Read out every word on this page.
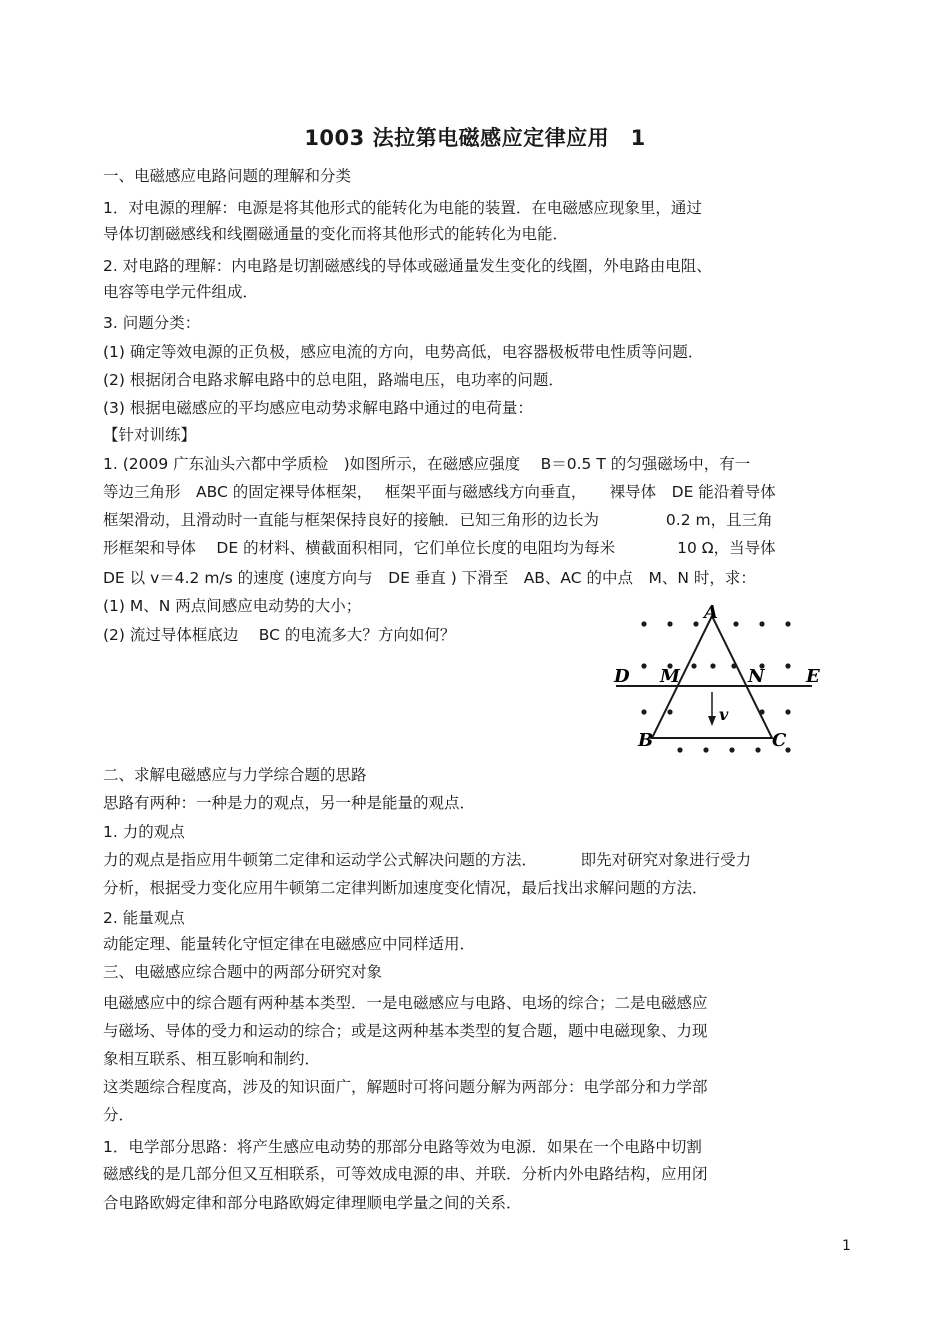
1003 法拉第电磁感应定律应用　1
一、电磁感应电路问题的理解和分类
1．对电源的理解：电源是将其他形式的能转化为电能的装置．在电磁感应现象里，通过
导体切割磁感线和线圈磁通量的变化而将其他形式的能转化为电能．
2. 对电路的理解：内电路是切割磁感线的导体或磁通量发生变化的线圈，外电路由电阻、
电容等电学元件组成．
3. 问题分类：
(1) 确定等效电源的正负极，感应电流的方向，电势高低，电容器极板带电性质等问题．
(2) 根据闭合电路求解电路中的总电阻，路端电压，电功率的问题．
(3) 根据电磁感应的平均感应电动势求解电路中通过的电荷量：
【针对训练】
1. (2009 广东汕头六都中学质检　)如图所示，在磁感应强度　 B＝0.5 T 的匀强磁场中，有一
等边三角形　ABC 的固定裸导体框架，　 框架平面与磁感线方向垂直，　　裸导体　DE 能沿着导体
框架滑动，且滑动时一直能与框架保持良好的接触．已知三角形的边长为　　　　 0.2 m，且三角
形框架和导体　 DE 的材料、横截面积相同，它们单位长度的电阻均为每米　　　　10 Ω，当导体
DE 以 v＝4.2 m/s 的速度 (速度方向与　DE 垂直 ) 下滑至　AB、AC 的中点　M、N 时，求：
(1) M、N 两点间感应电动势的大小；
(2) 流过导体框底边　 BC 的电流多大？方向如何？
A
B	C
D	E
M	N
v
二、求解电磁感应与力学综合题的思路
思路有两种：一种是力的观点，另一种是能量的观点．
1. 力的观点
力的观点是指应用牛顿第二定律和运动学公式解决问题的方法．　　　 即先对研究对象进行受力
分析，根据受力变化应用牛顿第二定律判断加速度变化情况，最后找出求解问题的方法．
2. 能量观点
动能定理、能量转化守恒定律在电磁感应中同样适用．
三、电磁感应综合题中的两部分研究对象
电磁感应中的综合题有两种基本类型．一是电磁感应与电路、电场的综合；二是电磁感应
与磁场、导体的受力和运动的综合；或是这两种基本类型的复合题，题中电磁现象、力现
象相互联系、相互影响和制约．
这类题综合程度高，涉及的知识面广，解题时可将问题分解为两部分：电学部分和力学部
分．
1．电学部分思路：将产生感应电动势的那部分电路等效为电源．如果在一个电路中切割
磁感线的是几部分但又互相联系，可等效成电源的串、并联．分析内外电路结构，应用闭
合电路欧姆定律和部分电路欧姆定律理顺电学量之间的关系．
1
